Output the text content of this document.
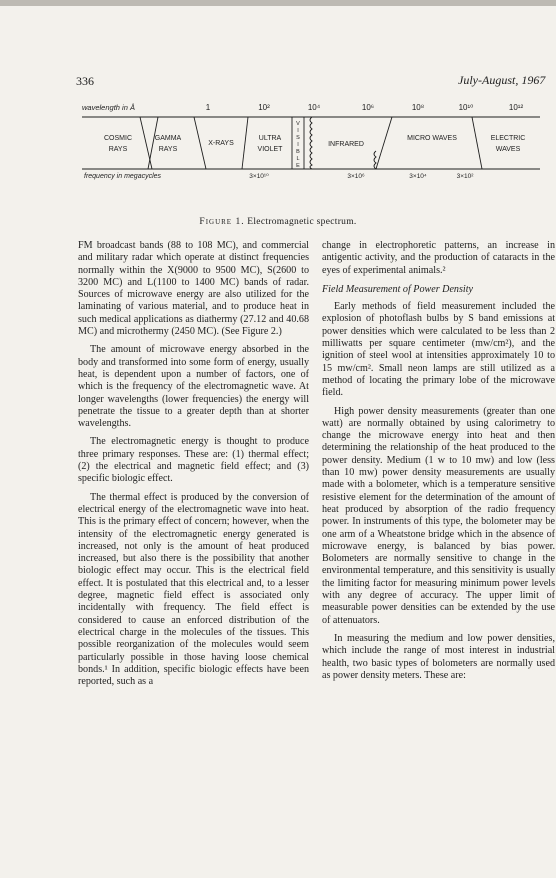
336	July-August, 1967
wavelength in Å	1	10²	10⁴	10⁶	10⁸	10¹⁰	10¹²
COSMIC
RAYS
GAMMA
RAYS
X-RAYS
ULTRA
VIOLET
INFRARED
MICRO WAVES	ELECTRIC
WAVES
V
I
S
I
B
L
E
frequency in megacycles	3×10¹⁰	3×10⁶	3×10⁴	3×10²
Figure 1. Electromagnetic spectrum.

FM broadcast bands (88 to 108 MC), and commercial and military radar which operate at distinct frequencies normally within the X(9000 to 9500 MC), S(2600 to 3200 MC) and L(1100 to 1400 MC) bands of radar. Sources of microwave energy are also utilized for the laminating of various material, and to produce heat in such medical applications as diathermy (27.12 and 40.68 MC) and microthermy (2450 MC). (See Figure 2.)

The amount of microwave energy absorbed in the body and transformed into some form of energy, usually heat, is dependent upon a number of factors, one of which is the frequency of the electromagnetic wave. At longer wavelengths (lower frequencies) the energy will penetrate the tissue to a greater depth than at shorter wavelengths.

The electromagnetic energy is thought to produce three primary responses. These are: (1) thermal effect; (2) the electrical and magnetic field effect; and (3) specific biologic effect.

The thermal effect is produced by the conversion of electrical energy of the electromagnetic wave into heat. This is the primary effect of concern; however, when the intensity of the electromagnetic energy generated is increased, not only is the amount of heat produced increased, but also there is the possibility that another biologic effect may occur. This is the electrical field effect. It is postulated that this electrical and, to a lesser degree, magnetic field effect is associated only incidentally with frequency. The field effect is considered to cause an enforced distribution of the electrical charge in the molecules of the tissues. This possible reorganization of the molecules would seem particularly possible in those having loose chemical bonds.¹ In addition, specific biologic effects have been reported, such as a

change in electrophoretic patterns, an increase in antigentic activity, and the production of cataracts in the eyes of experimental animals.²

Field Measurement of Power Density

Early methods of field measurement included the explosion of photoflash bulbs by S band emissions at power densities which were calculated to be less than 2 milliwatts per square centimeter (mw/cm²), and the ignition of steel wool at intensities approximately 10 to 15 mw/cm². Small neon lamps are still utilized as a method of locating the primary lobe of the microwave field.

High power density measurements (greater than one watt) are normally obtained by using calorimetry to change the microwave energy into heat and then determining the relationship of the heat produced to the power density. Medium (1 w to 10 mw) and low (less than 10 mw) power density measurements are usually made with a bolometer, which is a temperature sensitive resistive element for the determination of the amount of heat produced by absorption of the radio frequency power. In instruments of this type, the bolometer may be one arm of a Wheatstone bridge which in the absence of microwave energy, is balanced by bias power. Bolometers are normally sensitive to change in the environmental temperature, and this sensitivity is usually the limiting factor for measuring minimum power levels with any degree of accuracy. The upper limit of measurable power densities can be extended by the use of attenuators.

In measuring the medium and low power densities, which include the range of most interest in industrial health, two basic types of bolometers are normally used as power density meters. These are:
